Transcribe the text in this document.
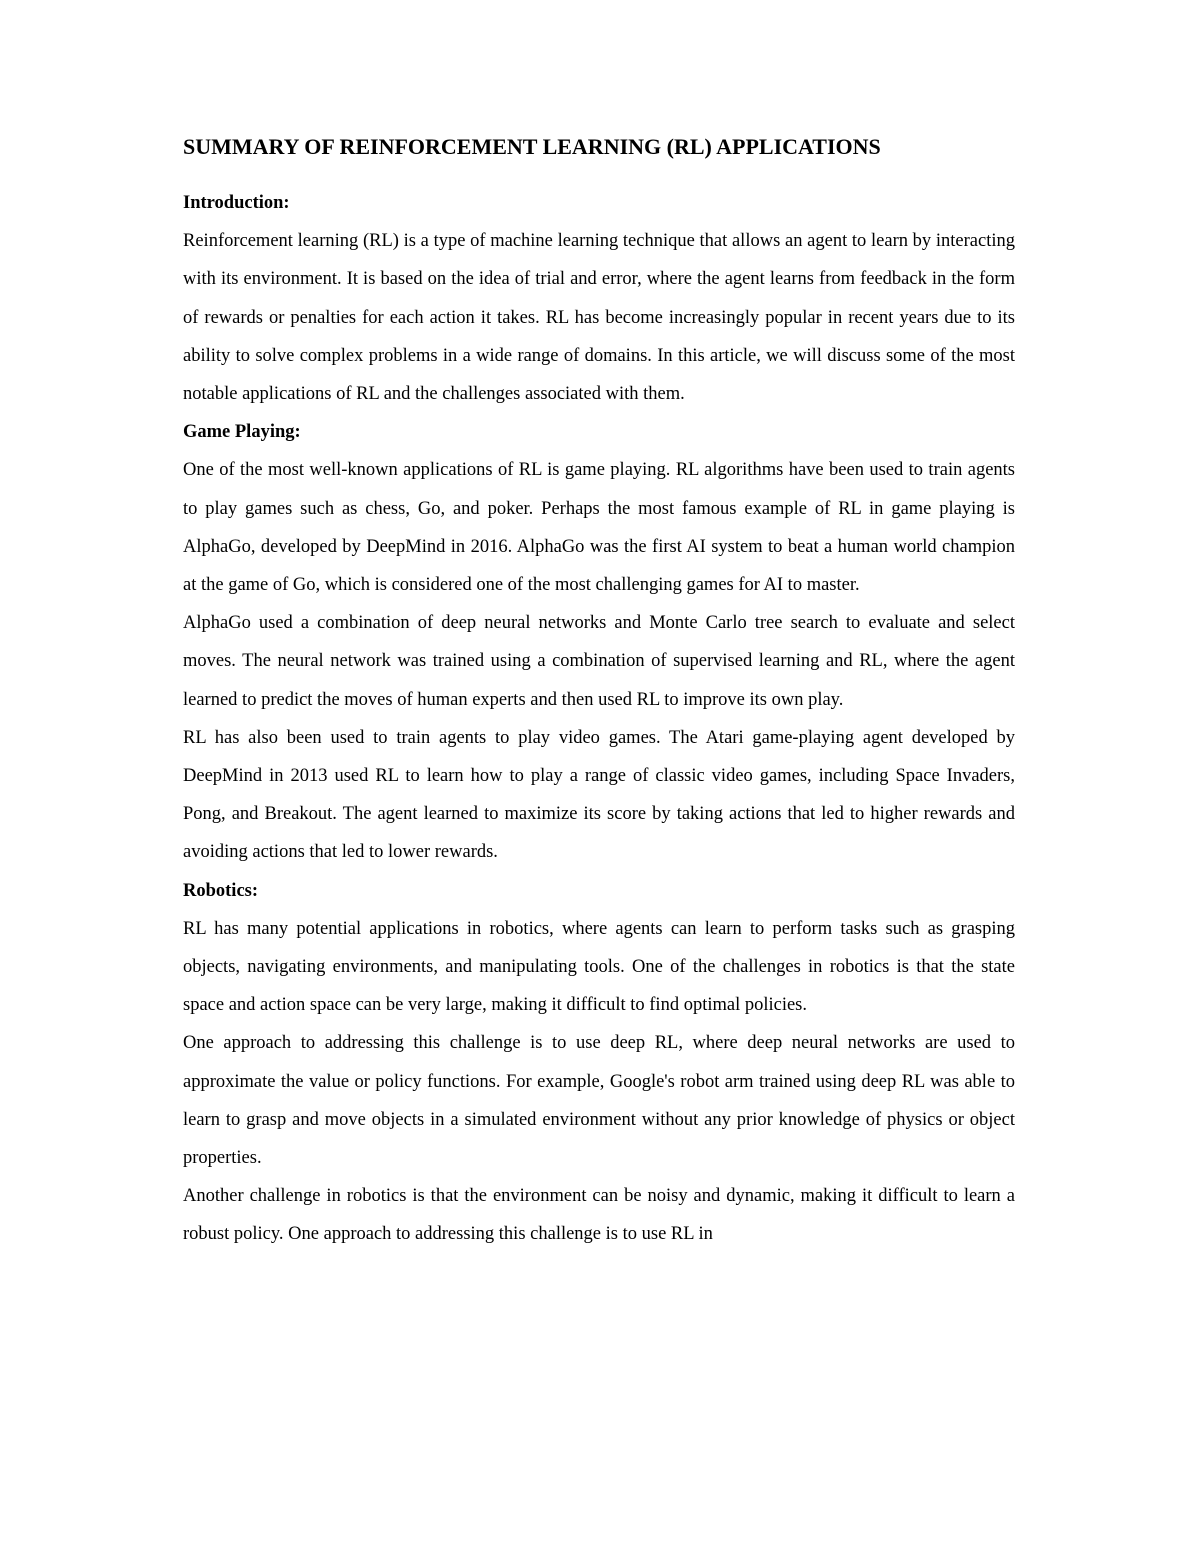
SUMMARY OF REINFORCEMENT LEARNING (RL) APPLICATIONS
Introduction:

Reinforcement learning (RL) is a type of machine learning technique that allows an agent to learn by interacting with its environment. It is based on the idea of trial and error, where the agent learns from feedback in the form of rewards or penalties for each action it takes. RL has become increasingly popular in recent years due to its ability to solve complex problems in a wide range of domains. In this article, we will discuss some of the most notable applications of RL and the challenges associated with them.

Game Playing:

One of the most well-known applications of RL is game playing. RL algorithms have been used to train agents to play games such as chess, Go, and poker. Perhaps the most famous example of RL in game playing is AlphaGo, developed by DeepMind in 2016. AlphaGo was the first AI system to beat a human world champion at the game of Go, which is considered one of the most challenging games for AI to master.

AlphaGo used a combination of deep neural networks and Monte Carlo tree search to evaluate and select moves. The neural network was trained using a combination of supervised learning and RL, where the agent learned to predict the moves of human experts and then used RL to improve its own play.

RL has also been used to train agents to play video games. The Atari game-playing agent developed by DeepMind in 2013 used RL to learn how to play a range of classic video games, including Space Invaders, Pong, and Breakout. The agent learned to maximize its score by taking actions that led to higher rewards and avoiding actions that led to lower rewards.

Robotics:

RL has many potential applications in robotics, where agents can learn to perform tasks such as grasping objects, navigating environments, and manipulating tools. One of the challenges in robotics is that the state space and action space can be very large, making it difficult to find optimal policies.

One approach to addressing this challenge is to use deep RL, where deep neural networks are used to approximate the value or policy functions. For example, Google's robot arm trained using deep RL was able to learn to grasp and move objects in a simulated environment without any prior knowledge of physics or object properties.

Another challenge in robotics is that the environment can be noisy and dynamic, making it difficult to learn a robust policy. One approach to addressing this challenge is to use RL in
